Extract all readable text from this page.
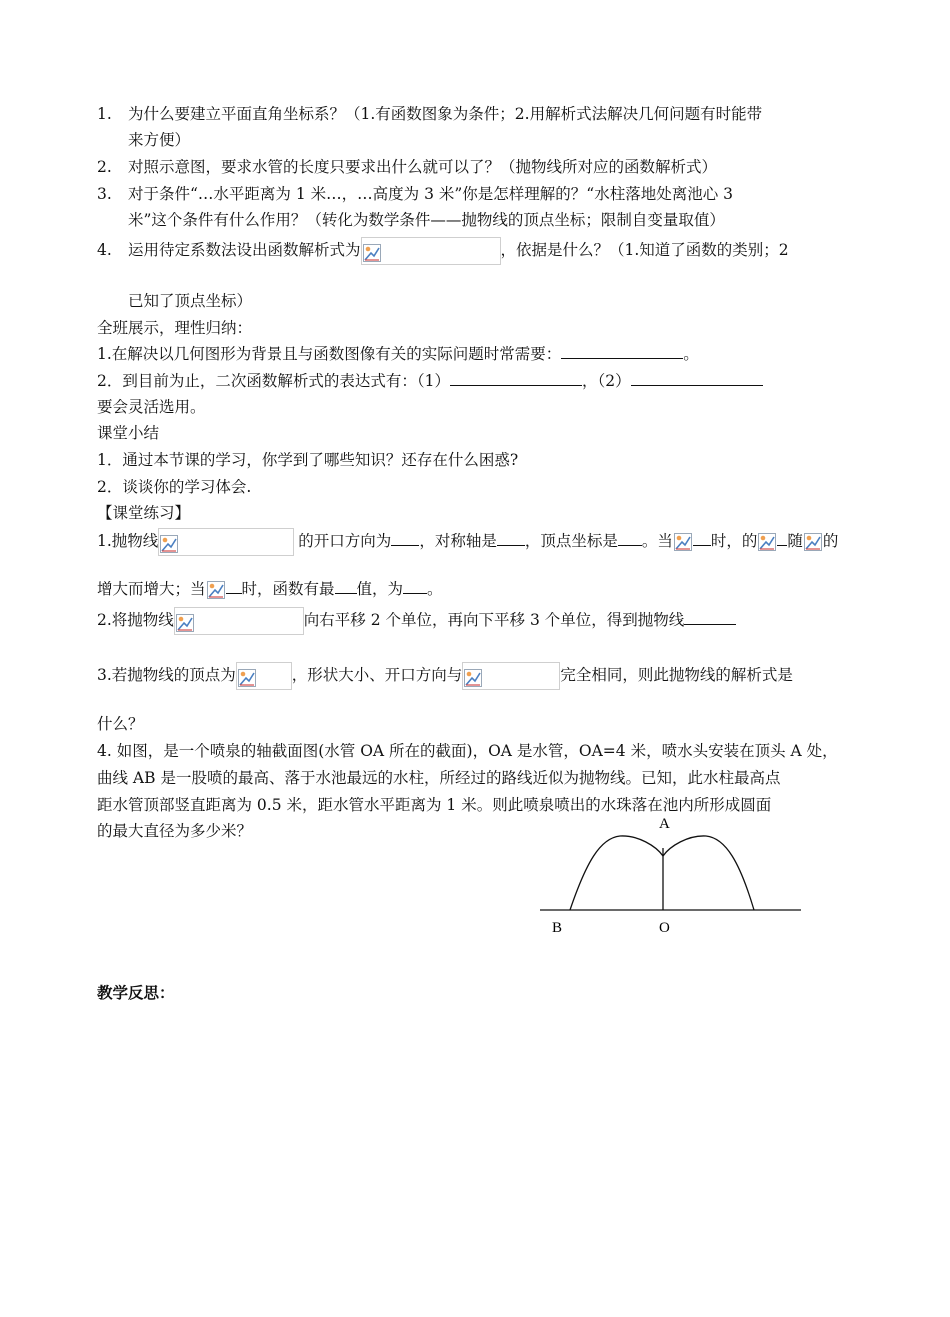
1. 为什么要建立平面直角坐标系？（1.有函数图象为条件；2.用解析式法解决几何问题有时能带
来方便）
2. 对照示意图，要求水管的长度只要求出什么就可以了？（抛物线所对应的函数解析式）
3. 对于条件“…水平距离为 1 米…，…高度为 3 米”你是怎样理解的？“水柱落地处离池心 3
米”这个条件有什么作用？（转化为数学条件——抛物线的顶点坐标；限制自变量取值）
4. 运用待定系数法设出函数解析式为	，依据是什么？（1.知道了函数的类别；2
已知了顶点坐标）
全班展示，理性归纳：
1.在解决以几何图形为背景且与函数图像有关的实际问题时常需要：	。
2．到目前为止，二次函数解析式的表达式有：（1）	，（2）
要会灵活选用。
课堂小结
1．通过本节课的学习，你学到了哪些知识？还存在什么困惑?
2．谈谈你的学习体会.
【课堂练习】
1.抛物线	的开口方向为 ，对称轴是 ，顶点坐标是 。当 时，的 随 的
增大而增大；当 时，函数有最 值，为 。
2.将抛物线	向右平移 2 个单位，再向下平移 3 个单位，得到抛物线
3.若抛物线的顶点为	，形状大小、开口方向与	完全相同，则此抛物线的解析式是
什么？
4. 如图，是一个喷泉的轴截面图(水管 OA 所在的截面)，OA 是水管，OA=4 米，喷水头安装在顶头 A 处，
曲线 AB 是一股喷的最高、落于水池最远的水柱，所经过的路线近似为抛物线。已知，此水柱最高点
距水管顶部竖直距离为 0.5 米，距水管水平距离为 1 米。则此喷泉喷出的水珠落在池内所形成圆面
的最大直径为多少米？	A
B	O
教学反思：
